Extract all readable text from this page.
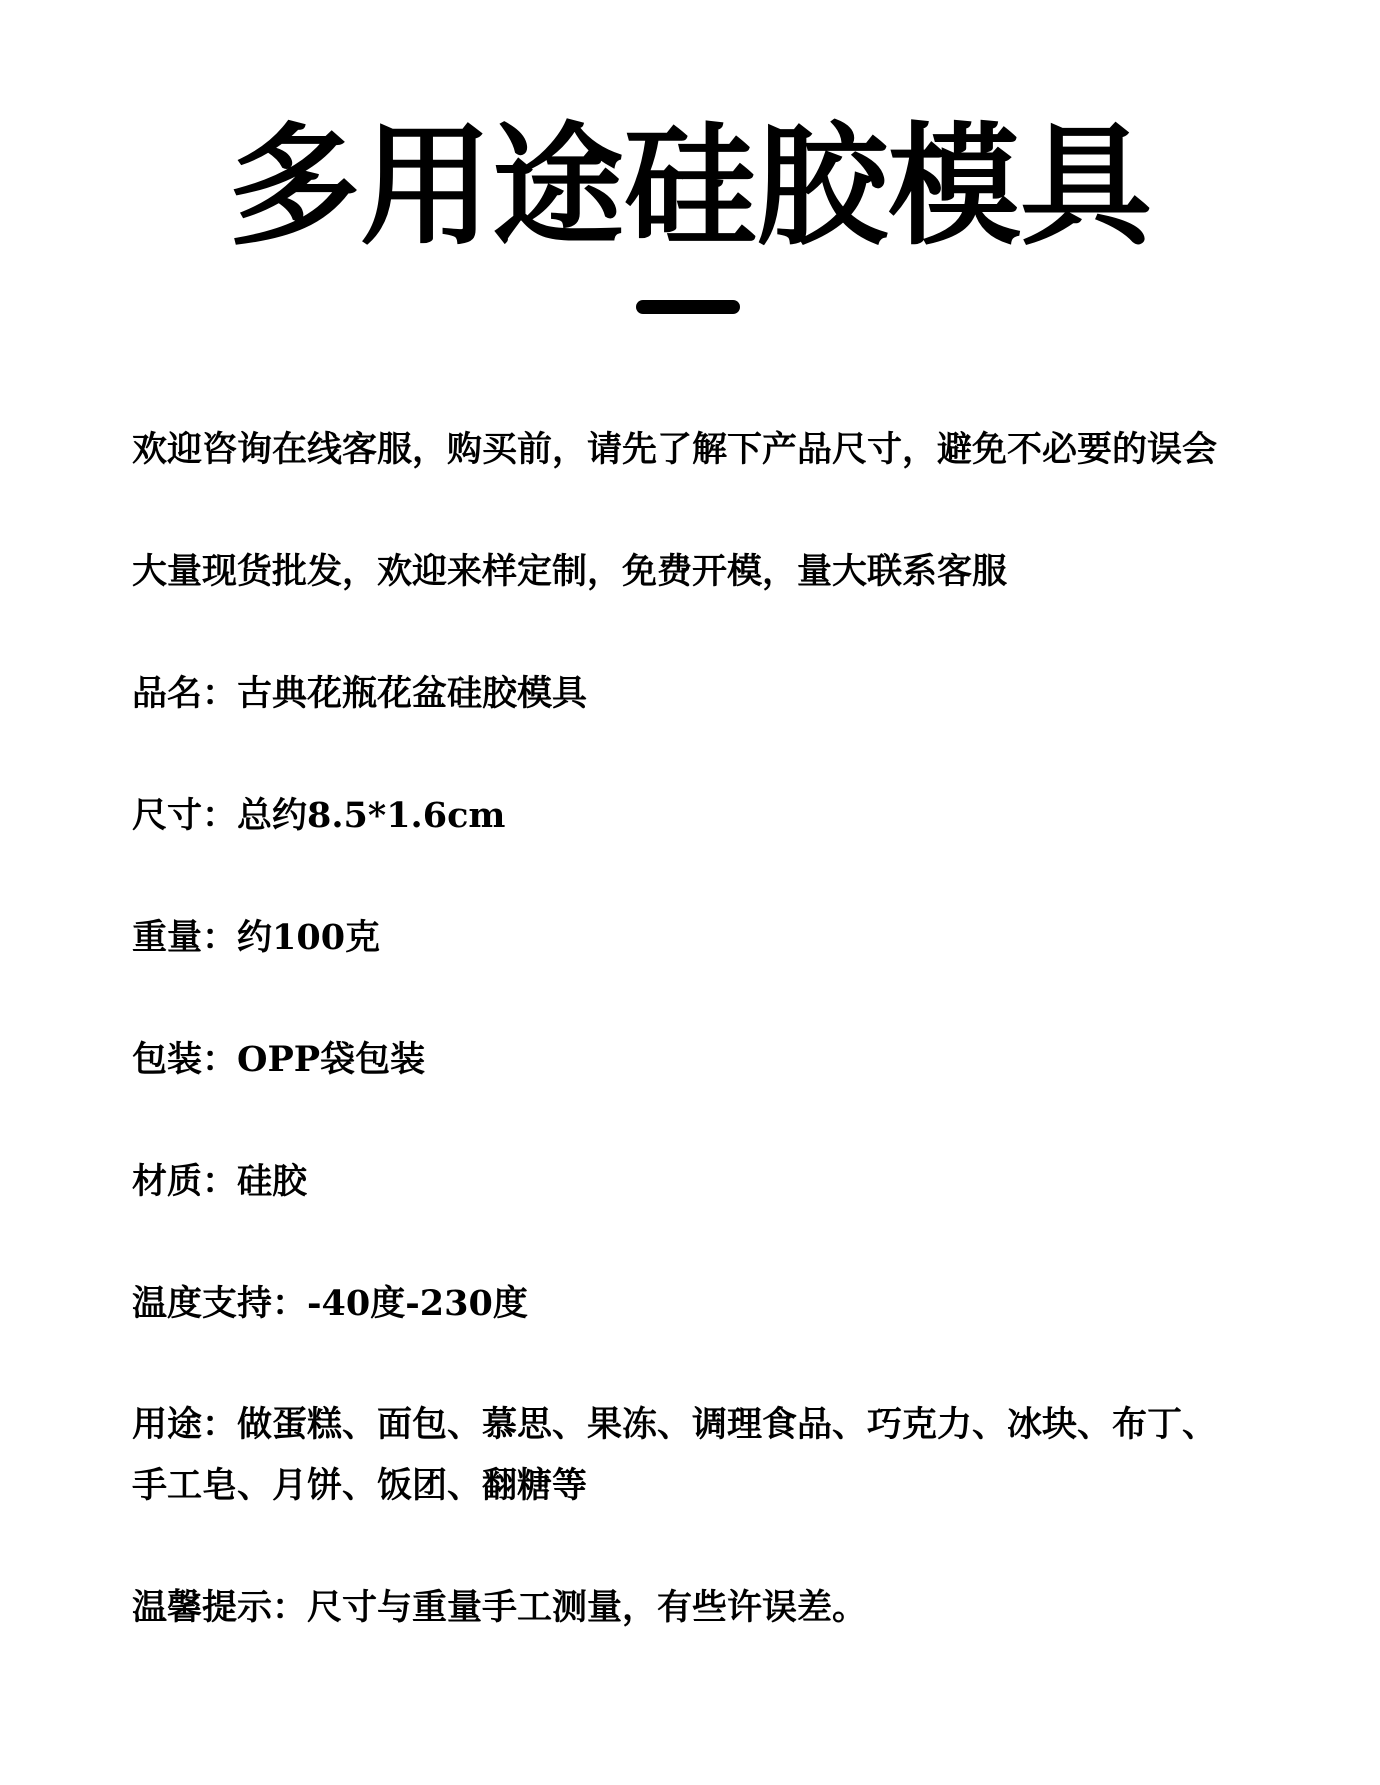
多用途硅胶模具
欢迎咨询在线客服，购买前，请先了解下产品尺寸，避免不必要的误会
大量现货批发，欢迎来样定制，免费开模，量大联系客服
品名：古典花瓶花盆硅胶模具
尺寸：总约8.5*1.6cm
重量：约100克
包装：OPP袋包装
材质：硅胶
温度支持：-40度-230度
用途：做蛋糕、面包、慕思、果冻、调理食品、巧克力、冰块、布丁、
手工皂、月饼、饭团、翻糖等
温馨提示：尺寸与重量手工测量，有些许误差。
